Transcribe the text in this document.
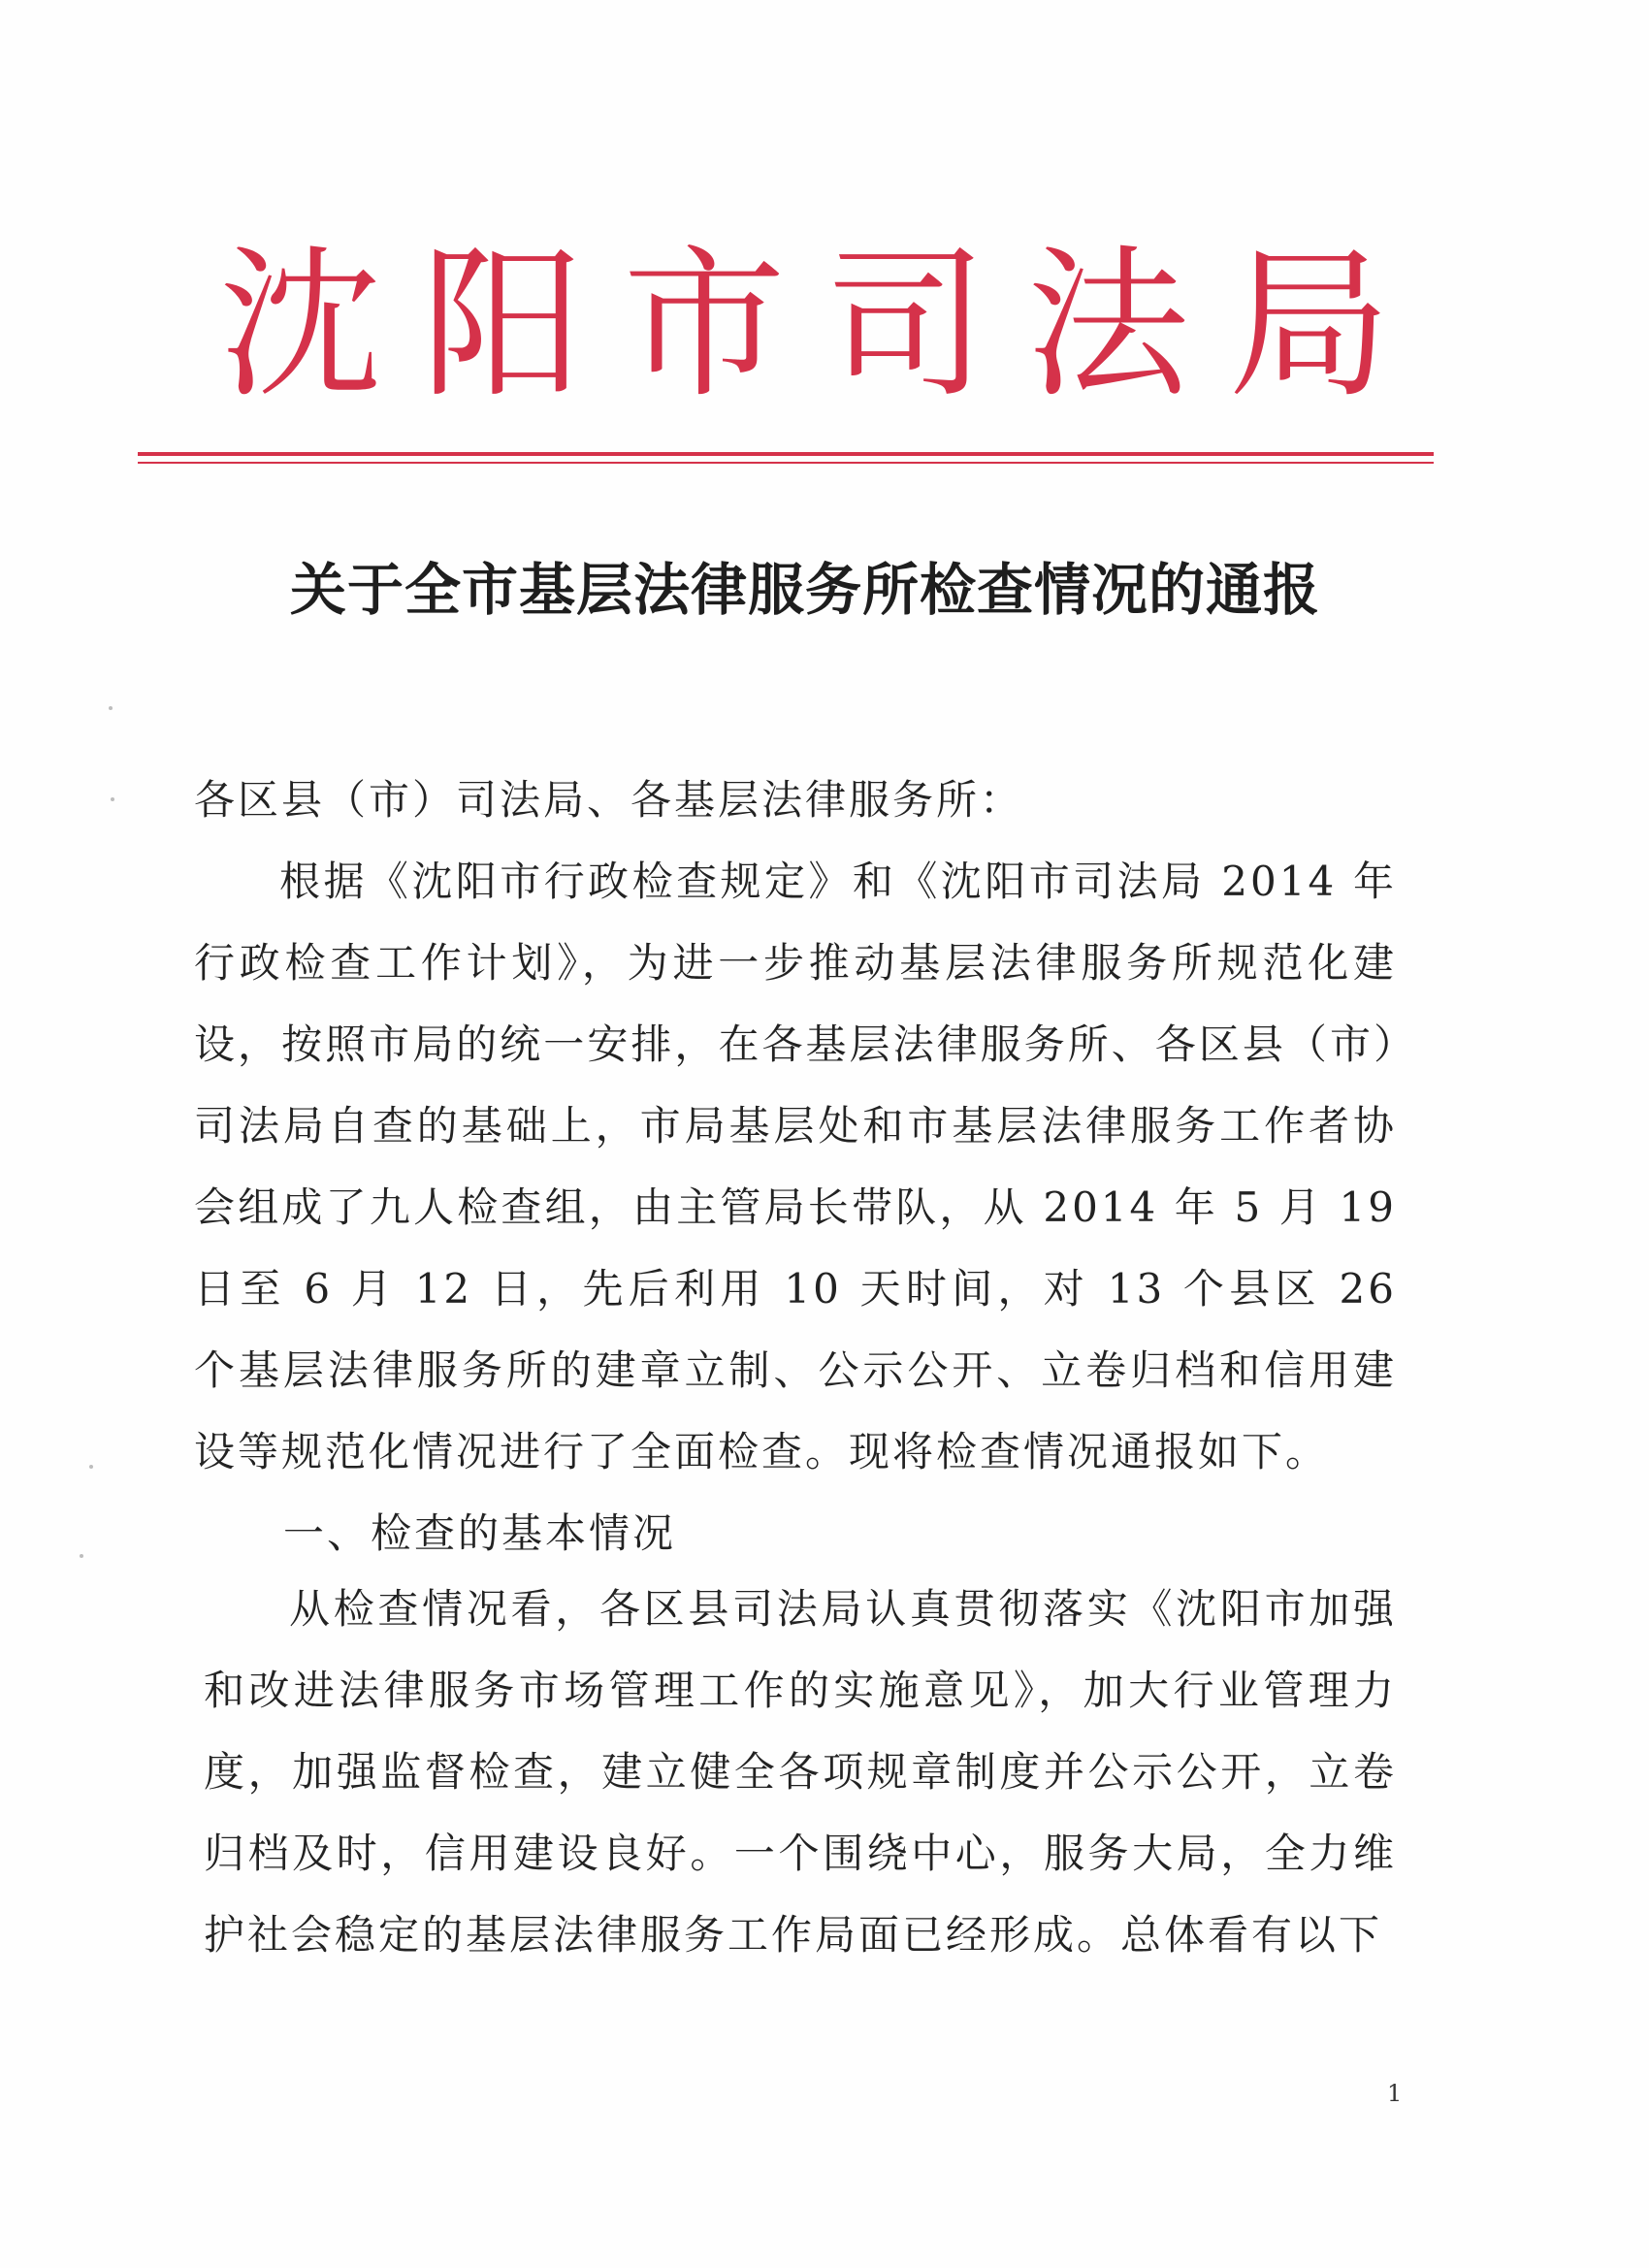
沈阳市司法局
关于全市基层法律服务所检查情况的通报
各区县（市）司法局、各基层法律服务所：
根据《沈阳市行政检查规定》和《沈阳市司法局 2014 年行政检查工作计划》，为进一步推动基层法律服务所规范化建设，按照市局的统一安排，在各基层法律服务所、各区县（市）司法局自查的基础上，市局基层处和市基层法律服务工作者协会组成了九人检查组，由主管局长带队，从 2014 年 5 月 19 日至 6 月 12 日，先后利用 10 天时间，对 13 个县区 26 个基层法律服务所的建章立制、公示公开、立卷归档和信用建设等规范化情况进行了全面检查。现将检查情况通报如下。
一、检查的基本情况
从检查情况看，各区县司法局认真贯彻落实《沈阳市加强和改进法律服务市场管理工作的实施意见》，加大行业管理力度，加强监督检查，建立健全各项规章制度并公示公开，立卷归档及时，信用建设良好。一个围绕中心，服务大局，全力维护社会稳定的基层法律服务工作局面已经形成。总体看有以下
1
